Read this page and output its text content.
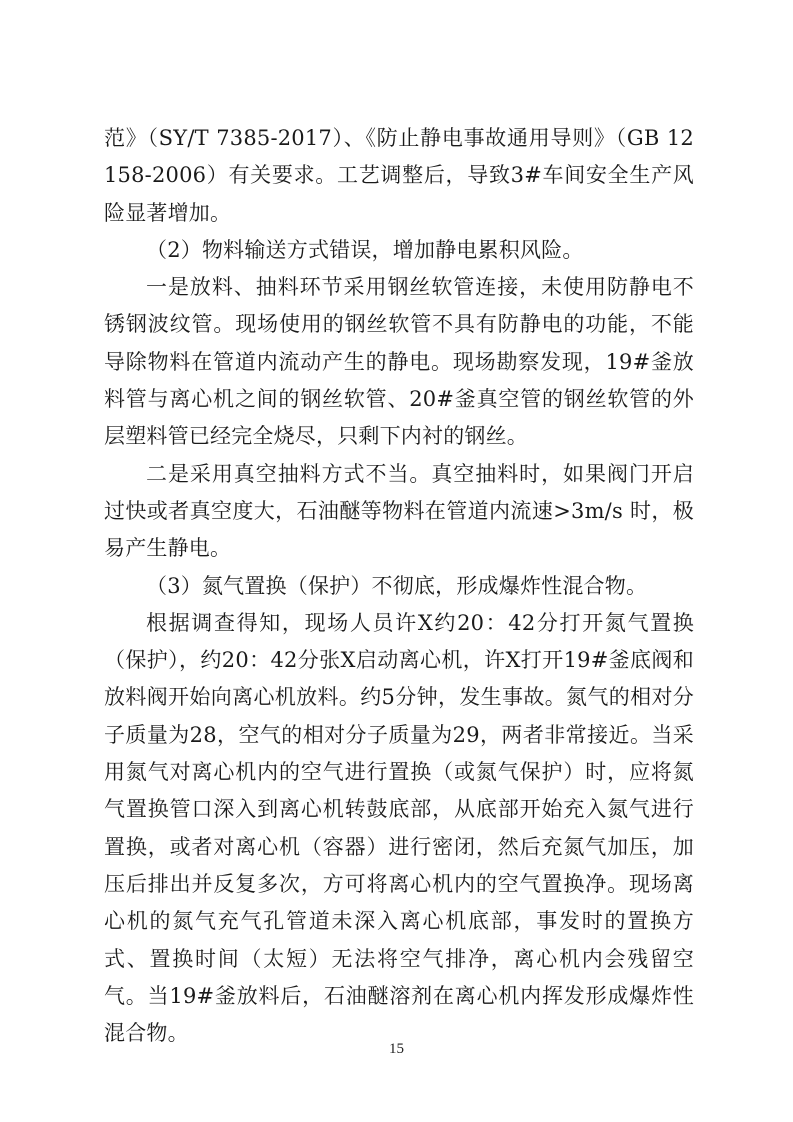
范》（SY/T 7385-2017）、《防止静电事故通用导则》（GB 12158-2006）有关要求。工艺调整后，导致3#车间安全生产风险显著增加。

（2）物料输送方式错误，增加静电累积风险。

一是放料、抽料环节采用钢丝软管连接，未使用防静电不锈钢波纹管。现场使用的钢丝软管不具有防静电的功能，不能导除物料在管道内流动产生的静电。现场勘察发现，19#釜放料管与离心机之间的钢丝软管、20#釜真空管的钢丝软管的外层塑料管已经完全烧尽，只剩下内衬的钢丝。

二是采用真空抽料方式不当。真空抽料时，如果阀门开启过快或者真空度大，石油醚等物料在管道内流速>3m/s 时，极易产生静电。

（3）氮气置换（保护）不彻底，形成爆炸性混合物。

根据调查得知，现场人员许X约20：42分打开氮气置换（保护），约20：42分张X启动离心机，许X打开19#釜底阀和放料阀开始向离心机放料。约5分钟，发生事故。氮气的相对分子质量为28，空气的相对分子质量为29，两者非常接近。当采用氮气对离心机内的空气进行置换（或氮气保护）时，应将氮气置换管口深入到离心机转鼓底部，从底部开始充入氮气进行置换，或者对离心机（容器）进行密闭，然后充氮气加压，加压后排出并反复多次，方可将离心机内的空气置换净。现场离心机的氮气充气孔管道未深入离心机底部，事发时的置换方式、置换时间（太短）无法将空气排净，离心机内会残留空气。当19#釜放料后，石油醚溶剂在离心机内挥发形成爆炸性混合物。

15
